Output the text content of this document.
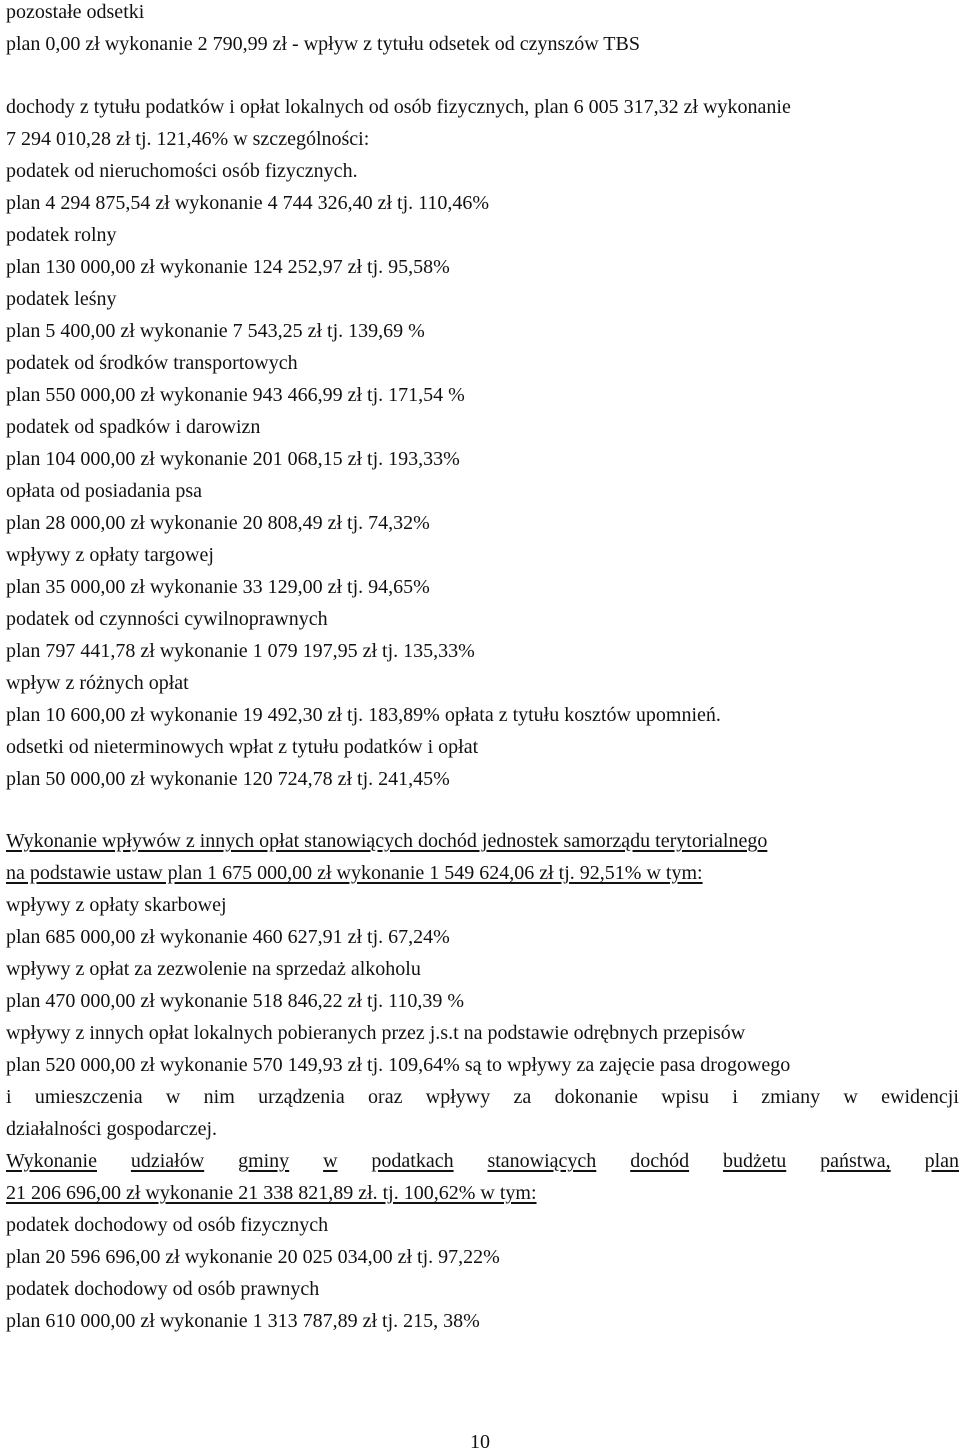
pozostałe odsetki
plan 0,00 zł wykonanie 2 790,99 zł - wpływ z tytułu odsetek od czynszów TBS
dochody z tytułu podatków i opłat lokalnych od osób fizycznych, plan 6 005 317,32 zł wykonanie
7 294 010,28 zł tj. 121,46% w szczególności:
podatek od nieruchomości osób fizycznych.
plan 4 294 875,54 zł wykonanie 4 744 326,40 zł tj. 110,46%
podatek rolny
plan 130 000,00 zł wykonanie 124 252,97 zł tj. 95,58%
podatek leśny
plan 5 400,00 zł wykonanie 7 543,25 zł tj. 139,69 %
podatek od środków transportowych
plan 550 000,00 zł wykonanie 943 466,99 zł tj. 171,54 %
podatek od spadków i darowizn
plan 104 000,00 zł wykonanie 201 068,15 zł tj. 193,33%
opłata od posiadania psa
plan 28 000,00 zł wykonanie 20 808,49 zł tj. 74,32%
wpływy z opłaty targowej
plan 35 000,00 zł wykonanie 33 129,00 zł tj. 94,65%
podatek od czynności cywilnoprawnych
plan 797 441,78 zł wykonanie 1 079 197,95 zł tj. 135,33%
wpływ z różnych opłat
plan 10 600,00 zł wykonanie 19 492,30 zł tj. 183,89% opłata z tytułu kosztów upomnień.
odsetki od nieterminowych wpłat z tytułu podatków i opłat
plan 50 000,00 zł wykonanie 120 724,78 zł tj. 241,45%
Wykonanie wpływów z innych opłat stanowiących dochód jednostek samorządu terytorialnego
na podstawie ustaw plan 1 675 000,00 zł wykonanie 1 549 624,06 zł tj. 92,51% w tym:
wpływy z opłaty skarbowej
plan 685 000,00 zł wykonanie 460 627,91 zł tj. 67,24%
wpływy z opłat za zezwolenie na sprzedaż alkoholu
plan 470 000,00 zł wykonanie 518 846,22 zł tj. 110,39 %
wpływy z innych opłat lokalnych pobieranych przez j.s.t na podstawie odrębnych przepisów
plan 520 000,00 zł wykonanie 570 149,93 zł tj. 109,64% są to wpływy za zajęcie pasa drogowego
i umieszczenia w nim urządzenia oraz wpływy za dokonanie wpisu i zmiany w ewidencji
działalności gospodarczej.
Wykonanie udziałów gminy w podatkach stanowiących dochód budżetu państwa, plan
21 206 696,00 zł wykonanie 21 338 821,89 zł. tj. 100,62% w tym:
podatek dochodowy od osób fizycznych
plan 20 596 696,00 zł wykonanie 20 025 034,00 zł tj. 97,22%
podatek dochodowy od osób prawnych
plan 610 000,00 zł wykonanie 1 313 787,89 zł tj. 215, 38%
10
